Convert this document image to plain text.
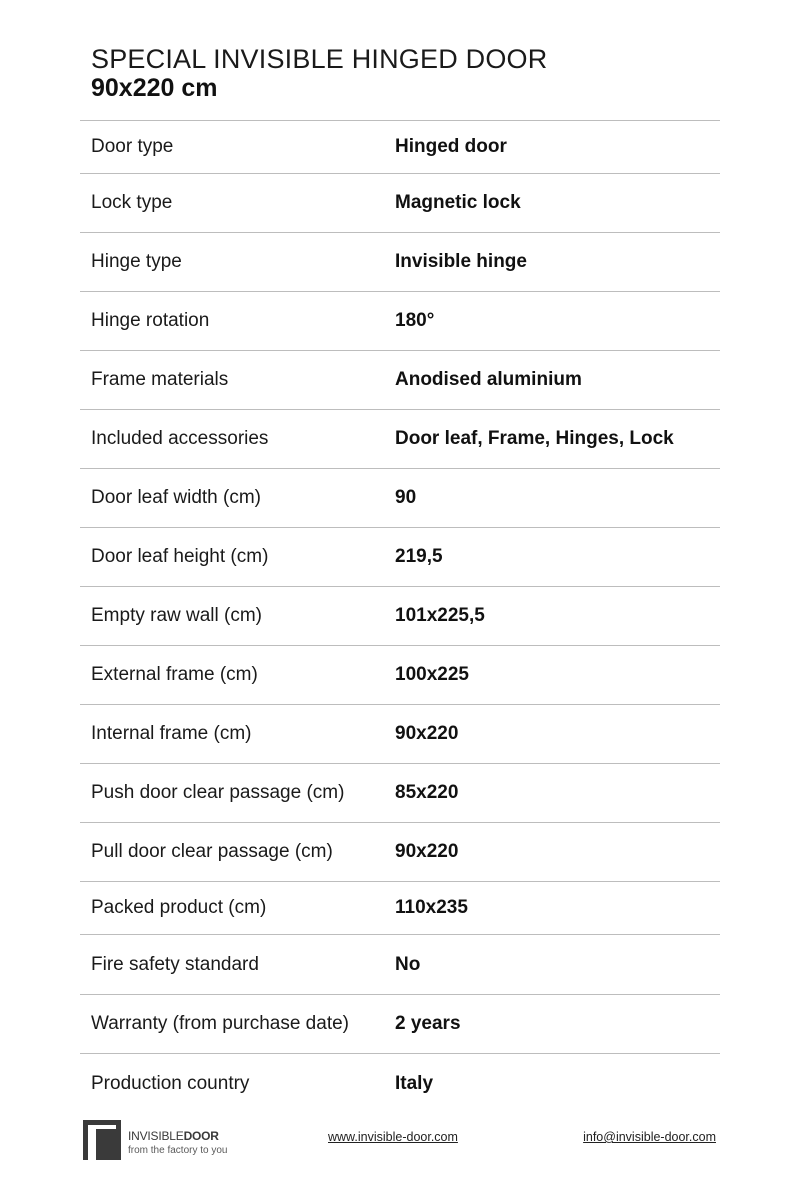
SPECIAL INVISIBLE HINGED DOOR
90x220 cm
Door type	Hinged door
Lock type	Magnetic lock
Hinge type	Invisible hinge
Hinge rotation	180°
Frame materials	Anodised aluminium
Included accessories	Door leaf, Frame, Hinges, Lock
Door leaf width (cm)	90
Door leaf height (cm)	219,5
Empty raw wall (cm)	101x225,5
External frame (cm)	100x225
Internal frame (cm)	90x220
Push door clear passage (cm)	85x220
Pull door clear passage (cm)	90x220
Packed product (cm)	110x235
Fire safety standard	No
Warranty (from purchase date)	2 years
Production country	Italy
INVISIBLEDOOR
from the factory to you
www.invisible-door.com	info@invisible-door.com
